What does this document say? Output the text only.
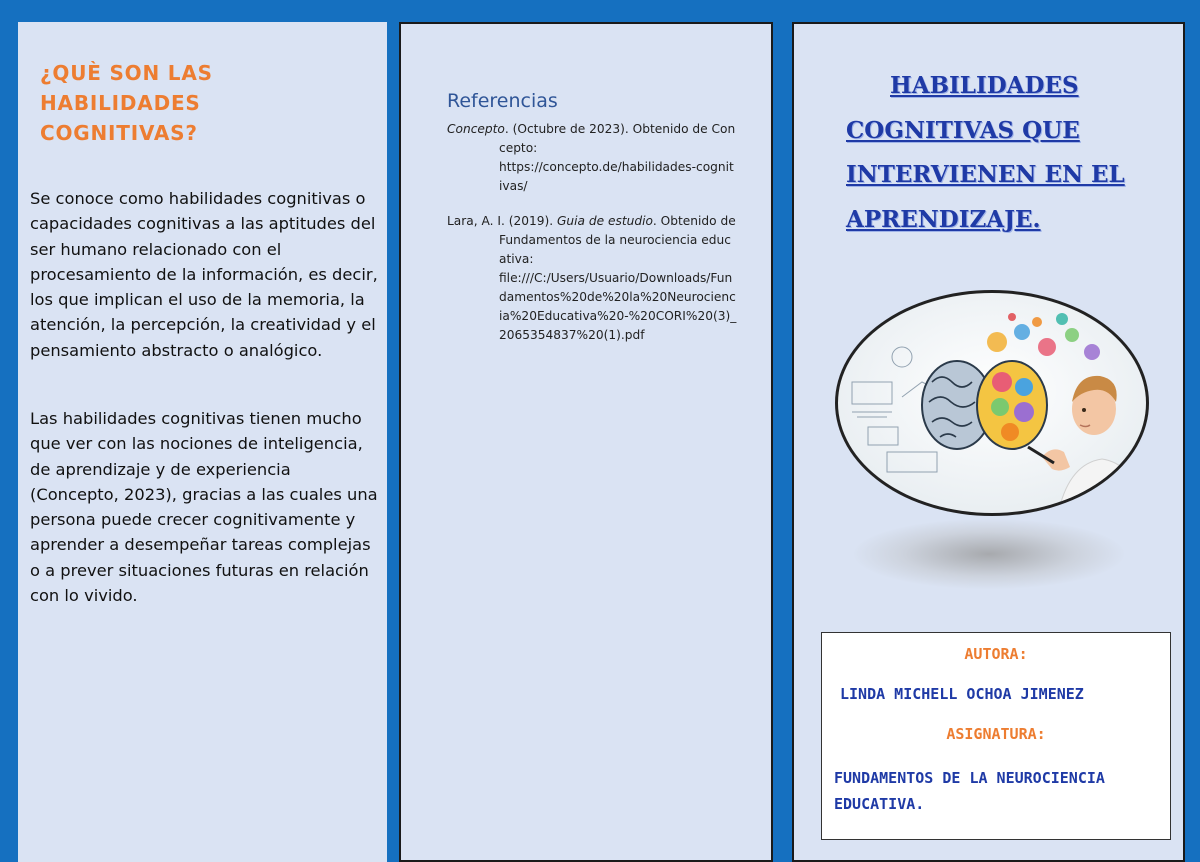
¿QUÈ SON LAS HABILIDADES COGNITIVAS?

Se conoce como habilidades cognitivas o capacidades cognitivas a las aptitudes del ser humano relacionado con el procesamiento de la información, es decir, los que implican el uso de la memoria, la atención, la percepción, la creatividad y el pensamiento abstracto o analógico.

Las habilidades cognitivas tienen mucho que ver con las nociones de inteligencia, de aprendizaje y de experiencia (Concepto, 2023), gracias a las cuales una persona puede crecer cognitivamente y aprender a desempeñar tareas complejas o a prever situaciones futuras en relación con lo vivido.

Referencias
Concepto. (Octubre de 2023). Obtenido de Concepto:
https://concepto.de/habilidades-cognitivas/
Lara, A. I. (2019). Guia de estudio. Obtenido de Fundamentos de la neurociencia educativa:
file:///C:/Users/Usuario/Downloads/Fundamentos%20de%20la%20Neurociencia%20Educativa%20-%20CORI%20(3)_2065354837%20(1).pdf
HABILIDADES COGNITIVAS QUE INTERVIENEN EN EL APRENDIZAJE.
AUTORA:
LINDA MICHELL OCHOA JIMENEZ
ASIGNATURA:
FUNDAMENTOS DE LA NEUROCIENCIA EDUCATIVA.
